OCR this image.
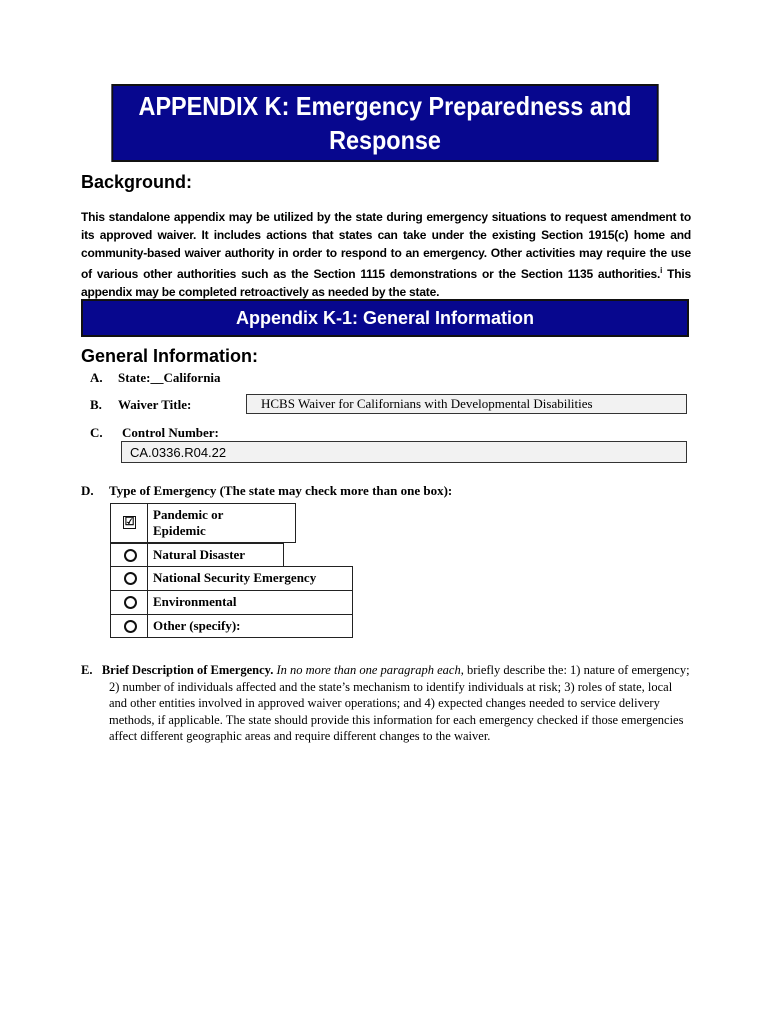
APPENDIX K: Emergency Preparedness and
Response
Background:
This standalone appendix may be utilized by the state during emergency situations to request amendment to its approved waiver. It includes actions that states can take under the existing Section 1915(c) home and community-based waiver authority in order to respond to an emergency. Other activities may require the use of various other authorities such as the Section 1115 demonstrations or the Section 1135 authorities.$^i$ This appendix may be completed retroactively as needed by the state.
Appendix K-1: General Information
General Information:
A. State:__California
B. Waiver Title:	HCBS Waiver for Californians with Developmental Disabilities
C. Control Number:
CA.0336.R04.22
D. Type of Emergency (The state may check more than one box):
☑ Pandemic or
Epidemic
Natural Disaster
National Security Emergency
Environmental
Other (specify):
E. Brief Description of Emergency. In no more than one paragraph each, briefly describe the: 1) nature of emergency; 2) number of individuals affected and the state’s mechanism to identify individuals at risk; 3) roles of state, local and other entities involved in approved waiver operations; and 4) expected changes needed to service delivery methods, if applicable. The state should provide this information for each emergency checked if those emergencies affect different geographic areas and require different changes to the waiver.
